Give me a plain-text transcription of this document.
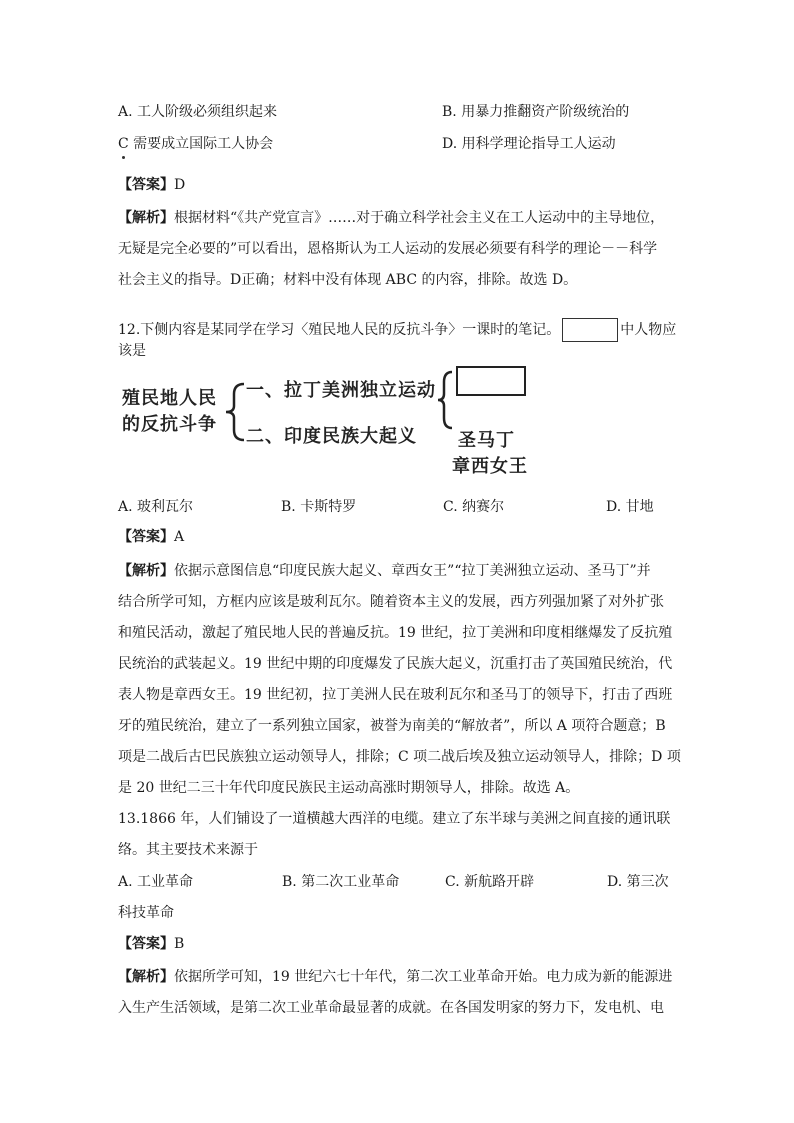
A. 工人阶级必须组织起来	B. 用暴力推翻资产阶级统治的
C 需要成立国际工人协会	D. 用科学理论指导工人运动
【答案】D
【解析】根据材料“《共产党宣言》……对于确立科学社会主义在工人运动中的主导地位，
无疑是完全必要的”可以看出，恩格斯认为工人运动的发展必须要有科学的理论－－科学
社会主义的指导。D正确；材料中没有体现 ABC 的内容，排除。故选 D。
12.下侧内容是某同学在学习〈殖民地人民的反抗斗争〉一课时的笔记。	中人物应
该是
殖民地人民
的反抗斗争
一、拉丁美洲独立运动
二、印度民族大起义 圣马丁
章西女王
A. 玻利瓦尔	B. 卡斯特罗	C. 纳赛尔	D. 甘地
【答案】A
【解析】依据示意图信息“印度民族大起义、章西女王”“拉丁美洲独立运动、圣马丁”并
结合所学可知，方框内应该是玻利瓦尔。随着资本主义的发展，西方列强加紧了对外扩张
和殖民活动，激起了殖民地人民的普遍反抗。19 世纪，拉丁美洲和印度相继爆发了反抗殖
民统治的武装起义。19 世纪中期的印度爆发了民族大起义，沉重打击了英国殖民统治，代
表人物是章西女王。19 世纪初，拉丁美洲人民在玻利瓦尔和圣马丁的领导下，打击了西班
牙的殖民统治，建立了一系列独立国家，被誉为南美的“解放者”，所以 A 项符合题意；B
项是二战后古巴民族独立运动领导人，排除；C 项二战后埃及独立运动领导人，排除；D 项
是 20 世纪二三十年代印度民族民主运动高涨时期领导人，排除。故选 A。
13.1866 年，人们铺设了一道横越大西洋的电缆。建立了东半球与美洲之间直接的通讯联
络。其主要技术来源于
A. 工业革命	B. 第二次工业革命	C. 新航路开辟	D. 第三次
科技革命
【答案】B
【解析】依据所学可知，19 世纪六七十年代，第二次工业革命开始。电力成为新的能源进
入生产生活领域，是第二次工业革命最显著的成就。在各国发明家的努力下，发电机、电
